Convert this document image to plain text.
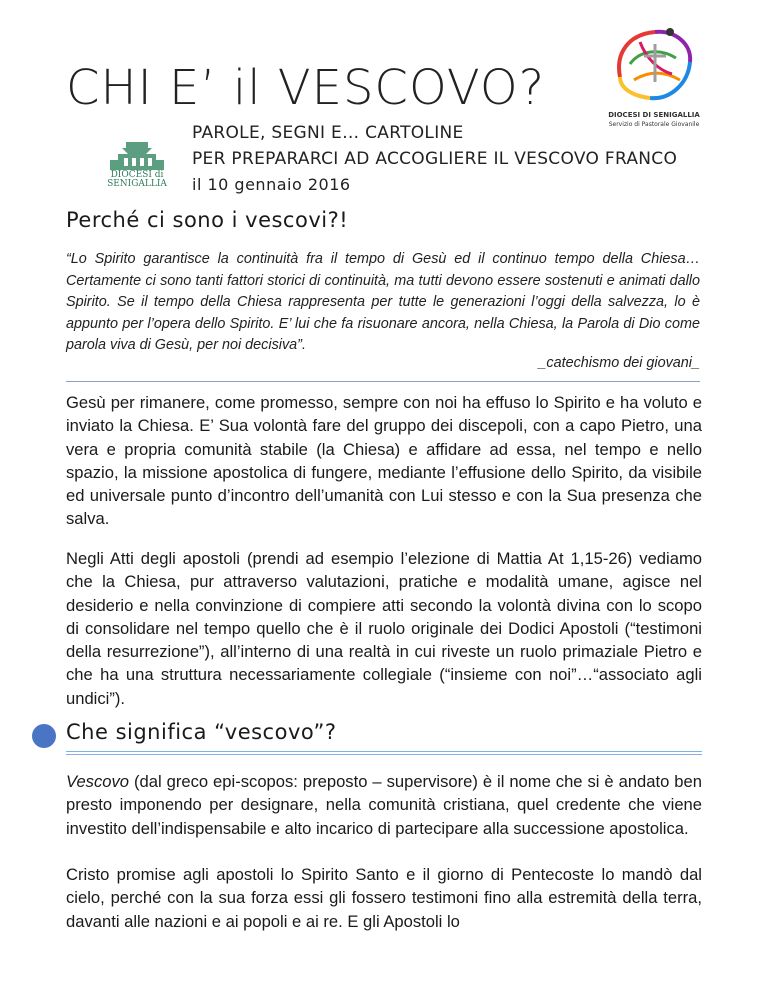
CHI E’ il VESCOVO?
PAROLE, SEGNI E… CARTOLINE
PER PREPARARCI AD ACCOGLIERE IL VESCOVO FRANCO
il 10 gennaio 2016
DIOCESI di
SENIGALLIA
DIOCESI DI SENIGALLIA
Servizio di Pastorale Giovanile
Perché ci sono i vescovi?!
“Lo Spirito garantisce la continuità fra il tempo di Gesù ed il continuo tempo della Chiesa… Certamente ci sono tanti fattori storici di continuità, ma tutti devono essere sostenuti e animati dallo Spirito. Se il tempo della Chiesa rappresenta per tutte le generazioni l’oggi della salvezza, lo è appunto per l’opera dello Spirito. E’ lui che fa risuonare ancora, nella Chiesa, la Parola di Dio come parola viva di Gesù, per noi decisiva”.
_catechismo dei giovani_
Gesù per rimanere, come promesso, sempre con noi ha effuso lo Spirito e ha voluto e inviato la Chiesa. E’ Sua volontà fare del gruppo dei discepoli, con a capo Pietro, una vera e propria comunità stabile (la Chiesa) e affidare ad essa, nel tempo e nello spazio, la missione apostolica di fungere, mediante l’effusione dello Spirito, da visibile ed universale punto d’incontro dell’umanità con Lui stesso e con la Sua presenza che salva.
Negli Atti degli apostoli (prendi ad esempio l’elezione di Mattia At 1,15-26) vediamo che la Chiesa, pur attraverso valutazioni, pratiche e modalità umane, agisce nel desiderio e nella convinzione di compiere atti secondo la volontà divina con lo scopo di consolidare nel tempo quello che è il ruolo originale dei Dodici Apostoli (“testimoni della resurrezione”), all’interno di una realtà in cui riveste un ruolo primaziale Pietro e che ha una struttura necessariamente collegiale (“insieme con noi”…“associato agli undici”).
Che significa “vescovo”?
Vescovo (dal greco epi-scopos: preposto – supervisore) è il nome che si è andato ben presto imponendo per designare, nella comunità cristiana, quel credente che viene investito dell’indispensabile e alto incarico di partecipare alla successione apostolica.
Cristo promise agli apostoli lo Spirito Santo e il giorno di Pentecoste lo mandò dal cielo, perché con la sua forza essi gli fossero testimoni fino alla estremità della terra, davanti alle nazioni e ai popoli e ai re. E gli Apostoli lo
